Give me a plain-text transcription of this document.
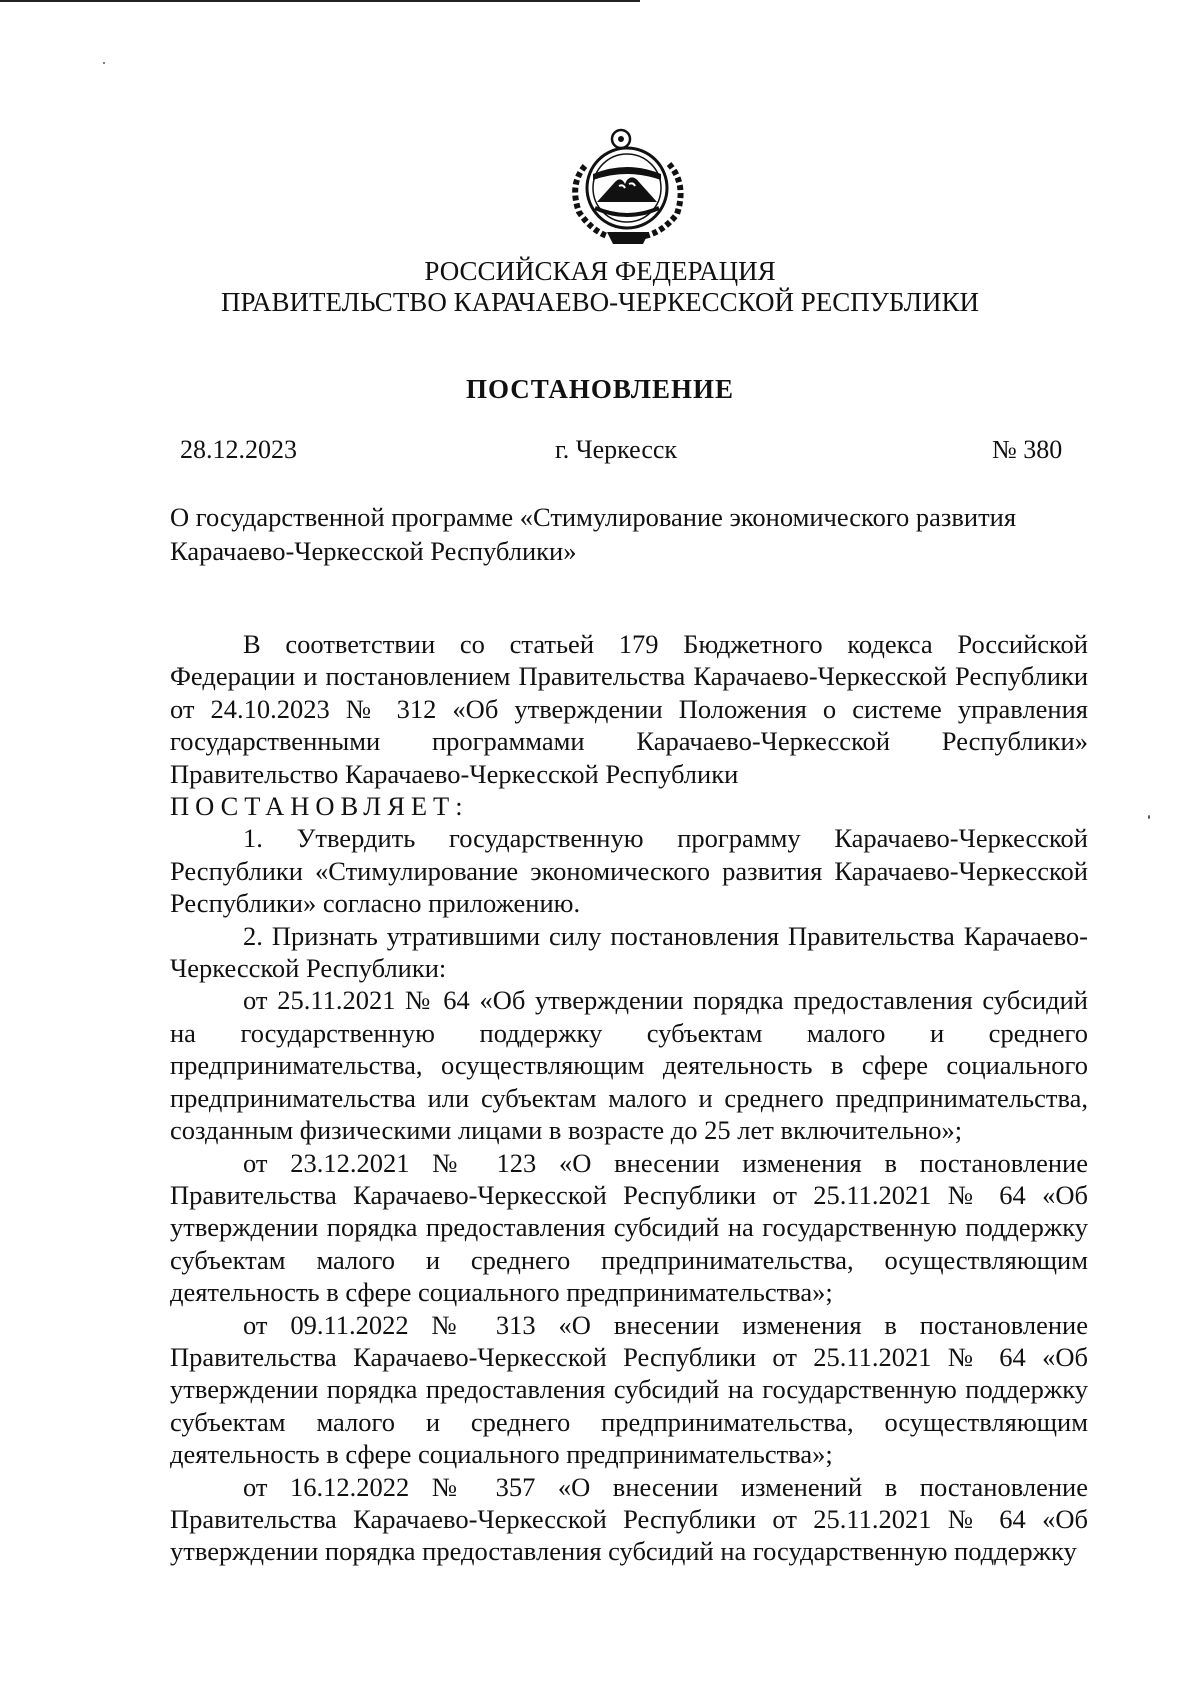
РОССИЙСКАЯ ФЕДЕРАЦИЯ
ПРАВИТЕЛЬСТВО КАРАЧАЕВО-ЧЕРКЕССКОЙ РЕСПУБЛИКИ
ПОСТАНОВЛЕНИЕ
28.12.2023	г. Черкесск	№ 380
О государственной программе «Стимулирование экономического развития Карачаево-Черкесской Республики»

В соответствии со статьей 179 Бюджетного кодекса Российской Федерации и постановлением Правительства Карачаево-Черкесской Республики от 24.10.2023 № 312 «Об утверждении Положения о системе управления государственными программами Карачаево-Черкесской Республики» Правительство Карачаево-Черкесской Республики

ПОСТАНОВЛЯЕТ:

1. Утвердить государственную программу Карачаево-Черкесской Республики «Стимулирование экономического развития Карачаево-Черкесской Республики» согласно приложению.

2. Признать утратившими силу постановления Правительства Карачаево-Черкесской Республики:

от 25.11.2021 № 64 «Об утверждении порядка предоставления субсидий на государственную поддержку субъектам малого и среднего предпринимательства, осуществляющим деятельность в сфере социального предпринимательства или субъектам малого и среднего предпринимательства, созданным физическими лицами в возрасте до 25 лет включительно»;

от 23.12.2021 № 123 «О внесении изменения в постановление Правительства Карачаево-Черкесской Республики от 25.11.2021 № 64 «Об утверждении порядка предоставления субсидий на государственную поддержку субъектам малого и среднего предпринимательства, осуществляющим деятельность в сфере социального предпринимательства»;

от 09.11.2022 № 313 «О внесении изменения в постановление Правительства Карачаево-Черкесской Республики от 25.11.2021 № 64 «Об утверждении порядка предоставления субсидий на государственную поддержку субъектам малого и среднего предпринимательства, осуществляющим деятельность в сфере социального предпринимательства»;

от 16.12.2022 № 357 «О внесении изменений в постановление Правительства Карачаево-Черкесской Республики от 25.11.2021 № 64 «Об утверждении порядка предоставления субсидий на государственную поддержку
